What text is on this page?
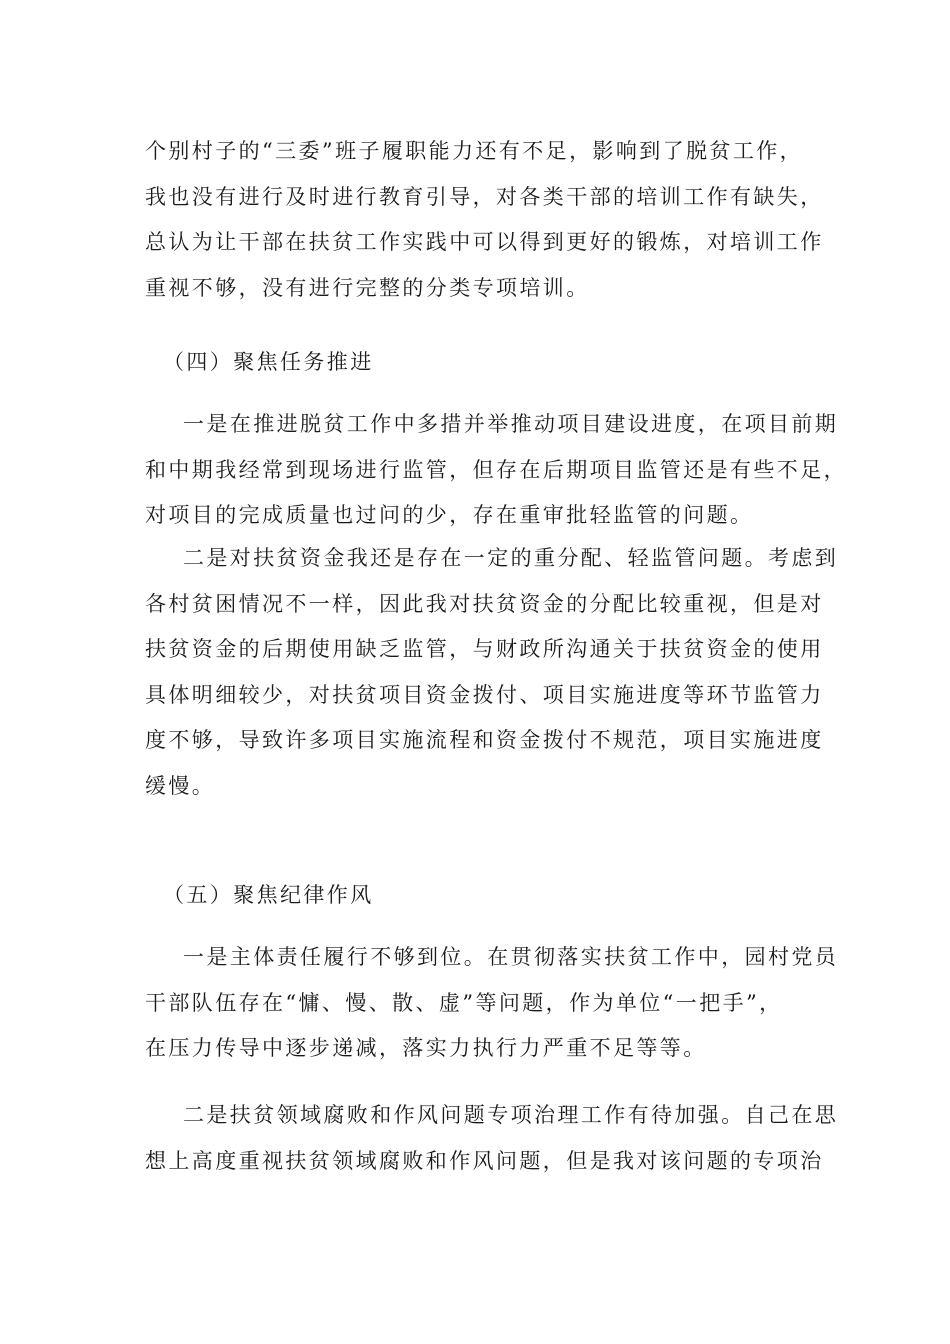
个别村子的“三委”班子履职能力还有不足，影响到了脱贫工作，
我也没有进行及时进行教育引导，对各类干部的培训工作有缺失，
总认为让干部在扶贫工作实践中可以得到更好的锻炼，对培训工作
重视不够，没有进行完整的分类专项培训。
（四）聚焦任务推进
一是在推进脱贫工作中多措并举推动项目建设进度，在项目前期
和中期我经常到现场进行监管，但存在后期项目监管还是有些不足，
对项目的完成质量也过问的少，存在重审批轻监管的问题。
二是对扶贫资金我还是存在一定的重分配、轻监管问题。考虑到
各村贫困情况不一样，因此我对扶贫资金的分配比较重视，但是对
扶贫资金的后期使用缺乏监管，与财政所沟通关于扶贫资金的使用
具体明细较少，对扶贫项目资金拨付、项目实施进度等环节监管力
度不够，导致许多项目实施流程和资金拨付不规范，项目实施进度
缓慢。
（五）聚焦纪律作风
一是主体责任履行不够到位。在贯彻落实扶贫工作中，园村党员
干部队伍存在“慵、慢、散、虚”等问题，作为单位“一把手”，
在压力传导中逐步递减，落实力执行力严重不足等等。
二是扶贫领域腐败和作风问题专项治理工作有待加强。自己在思
想上高度重视扶贫领域腐败和作风问题，但是我对该问题的专项治
